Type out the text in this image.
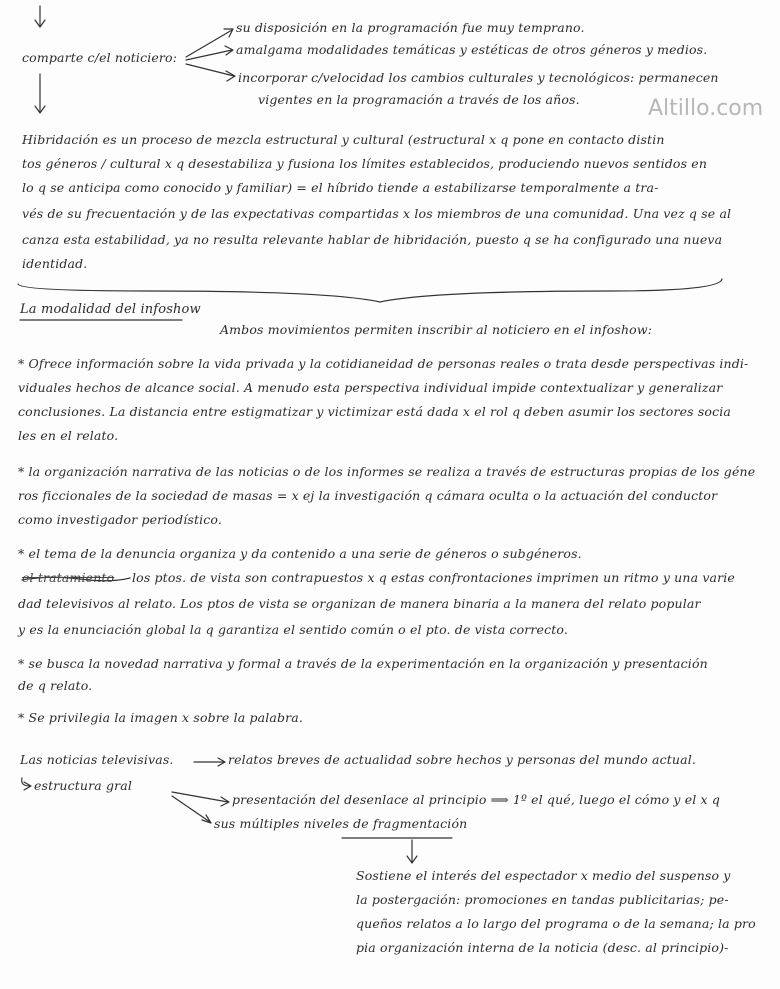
Altillo.com
comparte c/el noticiero:
su disposición en la programación fue muy temprano.
amalgama modalidades temáticas y estéticas de otros géneros y medios.
incorporar c/velocidad los cambios culturales y tecnológicos: permanecen
vigentes en la programación a través de los años.
Hibridación es un proceso de mezcla estructural y cultural (estructural x q pone en contacto distin
tos géneros / cultural x q desestabiliza y fusiona los límites establecidos, produciendo nuevos sentidos en
lo q se anticipa como conocido y familiar) = el híbrido tiende a estabilizarse temporalmente a tra-
vés de su frecuentación y de las expectativas compartidas x los miembros de una comunidad. Una vez q se al
canza esta estabilidad, ya no resulta relevante hablar de hibridación, puesto q se ha configurado una nueva
identidad.
La modalidad del infoshow
Ambos movimientos permiten inscribir al noticiero en el infoshow:
* Ofrece información sobre la vida privada y la cotidianeidad de personas reales o trata desde perspectivas indi-
viduales hechos de alcance social. A menudo esta perspectiva individual impide contextualizar y generalizar
conclusiones. La distancia entre estigmatizar y victimizar está dada x el rol q deben asumir los sectores socia
les en el relato.
* la organización narrativa de las noticias o de los informes se realiza a través de estructuras propias de los géne
ros ficcionales de la sociedad de masas = x ej la investigación q cámara oculta o la actuación del conductor
como investigador periodístico.
* el tema de la denuncia organiza y da contenido a una serie de géneros o subgéneros.
el tratamiento los ptos. de vista son contrapuestos x q estas confrontaciones imprimen un ritmo y una varie
dad televisivos al relato. Los ptos de vista se organizan de manera binaria a la manera del relato popular
y es la enunciación global la q garantiza el sentido común o el pto. de vista correcto.
* se busca la novedad narrativa y formal a través de la experimentación en la organización y presentación
de q relato.
* Se privilegia la imagen x sobre la palabra.
Las noticias televisivas.	relatos breves de actualidad sobre hechos y personas del mundo actual.
estructura gral
presentación del desenlace al principio ⟹ 1º el qué, luego el cómo y el x q
sus múltiples niveles de fragmentación
Sostiene el interés del espectador x medio del suspenso y
la postergación: promociones en tandas publicitarias; pe-
queños relatos a lo largo del programa o de la semana; la pro
pia organización interna de la noticia (desc. al principio)-
